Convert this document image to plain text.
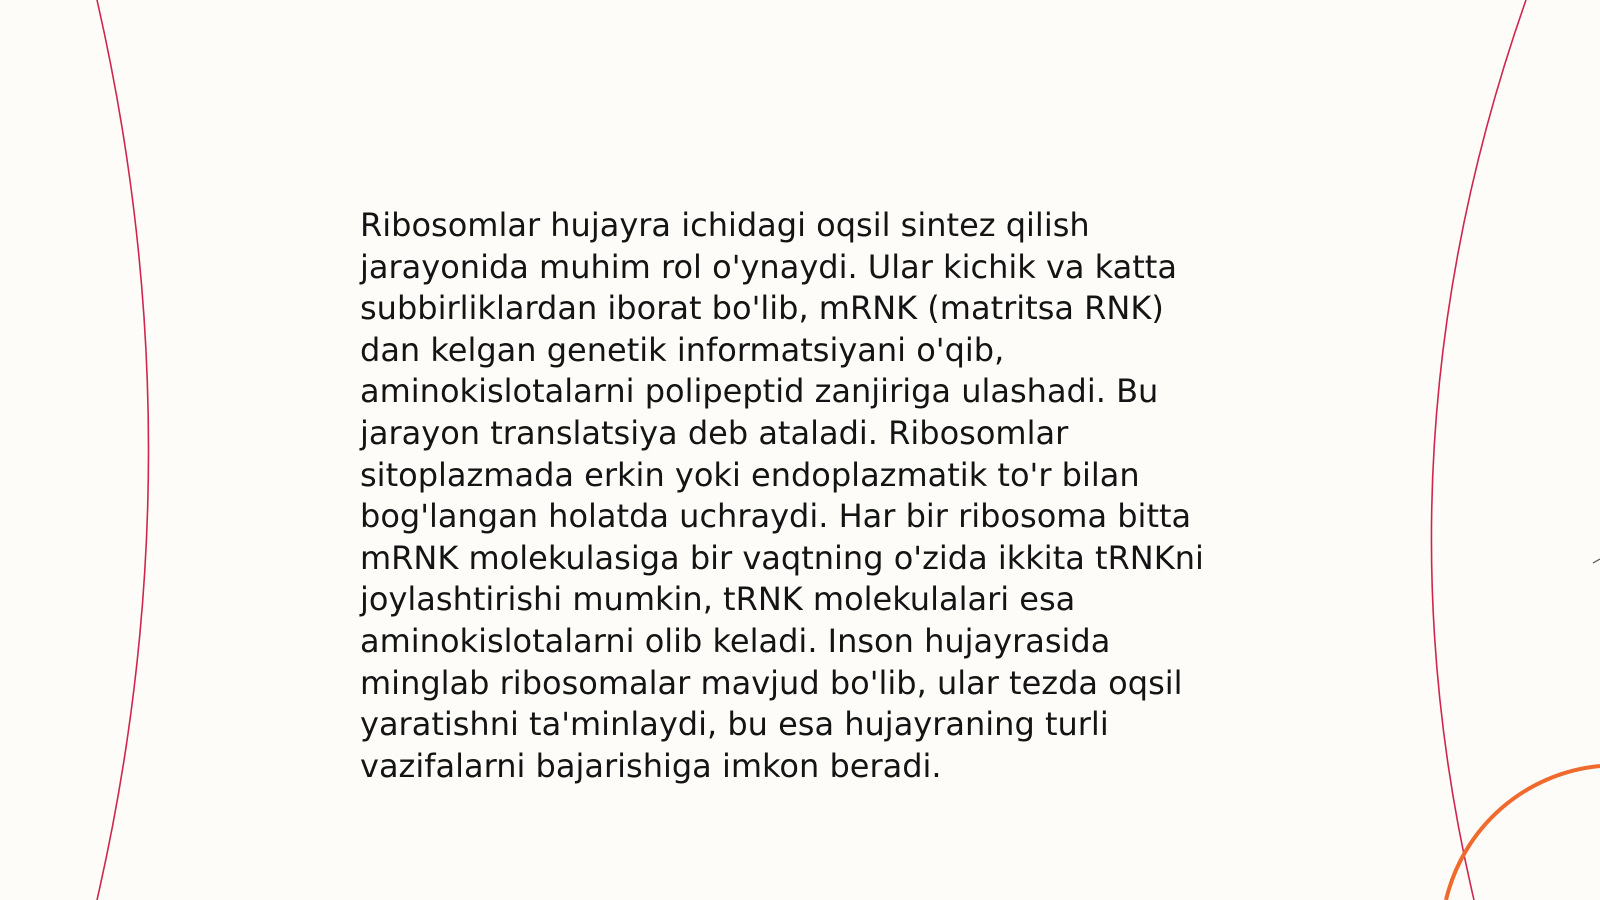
Ribosomlar hujayra ichidagi oqsil sintez qilish
jarayonida muhim rol o'ynaydi. Ular kichik va katta
subbirliklardan iborat bo'lib, mRNK (matritsa RNK)
dan kelgan genetik informatsiyani o'qib,
aminokislotalarni polipeptid zanjiriga ulashadi. Bu
jarayon translatsiya deb ataladi. Ribosomlar
sitoplazmada erkin yoki endoplazmatik to'r bilan
bog'langan holatda uchraydi. Har bir ribosoma bitta
mRNK molekulasiga bir vaqtning o'zida ikkita tRNKni
joylashtirishi mumkin, tRNK molekulalari esa
aminokislotalarni olib keladi. Inson hujayrasida
minglab ribosomalar mavjud bo'lib, ular tezda oqsil
yaratishni ta'minlaydi, bu esa hujayraning turli
vazifalarni bajarishiga imkon beradi.
